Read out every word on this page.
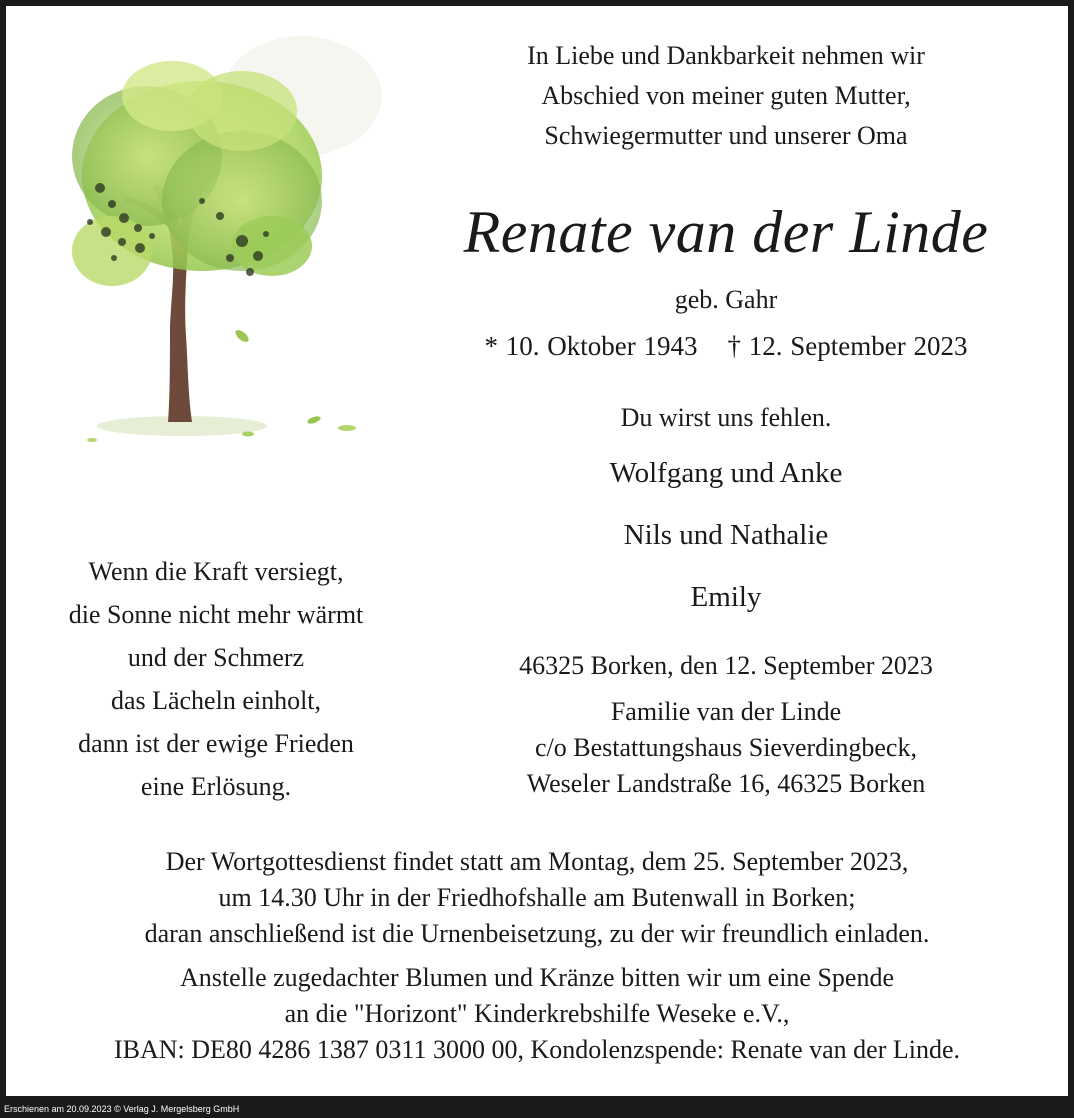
In Liebe und Dankbarkeit nehmen wir
Abschied von meiner guten Mutter,
Schwiegermutter und unserer Oma
Renate van der Linde
geb. Gahr
* 10. Oktober 1943 † 12. September 2023
Du wirst uns fehlen.
Wolfgang und Anke
Nils und Nathalie
Emily
Wenn die Kraft versiegt,
die Sonne nicht mehr wärmt
und der Schmerz
das Lächeln einholt,
dann ist der ewige Frieden
eine Erlösung.
46325 Borken, den 12. September 2023
Familie van der Linde
c/o Bestattungshaus Sieverdingbeck,
Weseler Landstraße 16, 46325 Borken
Der Wortgottesdienst findet statt am Montag, dem 25. September 2023,
um 14.30 Uhr in der Friedhofshalle am Butenwall in Borken;
daran anschließend ist die Urnenbeisetzung, zu der wir freundlich einladen.
Anstelle zugedachter Blumen und Kränze bitten wir um eine Spende
an die "Horizont" Kinderkrebshilfe Weseke e.V.,
IBAN: DE80 4286 1387 0311 3000 00, Kondolenzspende: Renate van der Linde.
Erschienen am 20.09.2023 © Verlag J. Mergelsberg GmbH
